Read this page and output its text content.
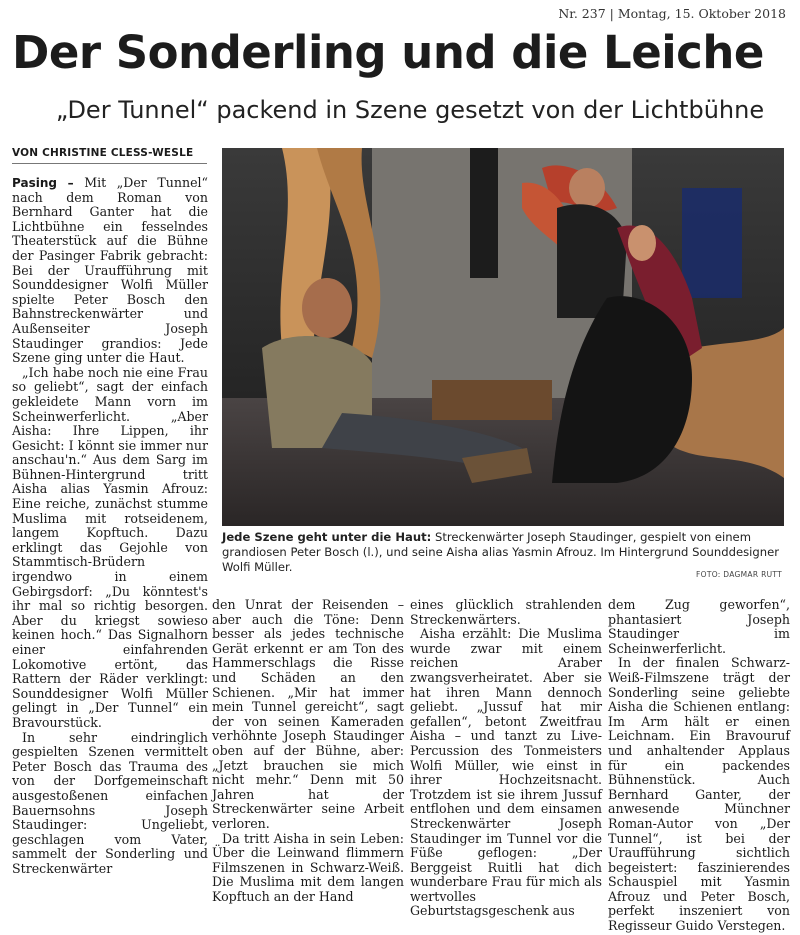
Nr. 237 | Montag, 15. Oktober 2018
Der Sonderling und die Leiche
„Der Tunnel“ packend in Szene gesetzt von der Lichtbühne
VON CHRISTINE CLESS-WESLE

Pasing – Mit „Der Tunnel“ nach dem Roman von Bernhard Ganter hat die Lichtbühne ein fesselndes Theaterstück auf die Bühne der Pasinger Fabrik gebracht: Bei der Uraufführung mit Sounddesigner Wolfi Müller spielte Peter Bosch den Bahnstreckenwärter und Außenseiter Joseph Staudinger grandios: Jede Szene ging unter die Haut.

„Ich habe noch nie eine Frau so geliebt“, sagt der einfach gekleidete Mann vorn im Scheinwerferlicht. „Aber Aisha: Ihre Lippen, ihr Gesicht: I könnt sie immer nur anschau'n.“ Aus dem Sarg im Bühnen-Hintergrund tritt Aisha alias Yasmin Afrouz: Eine reiche, zunächst stumme Muslima mit rotseidenem, langem Kopftuch. Dazu erklingt das Gejohle von Stammtisch-Brüdern irgendwo in einem Gebirgsdorf: „Du könntest's ihr mal so richtig besorgen. Aber du kriegst sowieso keinen hoch.“ Das Signalhorn einer einfahrenden Lokomotive ertönt, das Rattern der Räder verklingt: Sounddesigner Wolfi Müller gelingt in „Der Tunnel“ ein Bravourstück.

In sehr eindringlich gespielten Szenen vermittelt Peter Bosch das Trauma des von der Dorfgemeinschaft ausgestoßenen einfachen Bauernsohns Joseph Staudinger: Ungeliebt, geschlagen vom Vater, sammelt der Sonderling und Streckenwärter

Jede Szene geht unter die Haut: Streckenwärter Joseph Staudinger, gespielt von einem grandiosen Peter Bosch (l.), und seine Aisha alias Yasmin Afrouz. Im Hintergrund Sounddesigner Wolfi Müller.
FOTO: DAGMAR RUTT

den Unrat der Reisenden – aber auch die Töne: Denn besser als jedes technische Gerät erkennt er am Ton des Hammerschlags die Risse und Schäden an den Schienen. „Mir hat immer mein Tunnel gereicht“, sagt der von seinen Kameraden verhöhnte Joseph Staudinger oben auf der Bühne, aber: „Jetzt brauchen sie mich nicht mehr.“ Denn mit 50 Jahren hat der Streckenwärter seine Arbeit verloren.

Da tritt Aisha in sein Leben: Über die Leinwand flimmern Filmszenen in Schwarz-Weiß. Die Muslima mit dem langen Kopftuch an der Hand

eines glücklich strahlenden Streckenwärters.

Aisha erzählt: Die Muslima wurde zwar mit einem reichen Araber zwangsverheiratet. Aber sie hat ihren Mann dennoch geliebt. „Jussuf hat mir gefallen“, betont Zweitfrau Aisha – und tanzt zu Live-Percussion des Tonmeisters Wolfi Müller, wie einst in ihrer Hochzeitsnacht. Trotzdem ist sie ihrem Jussuf entflohen und dem einsamen Streckenwärter Joseph Staudinger im Tunnel vor die Füße geflogen: „Der Berggeist Ruitli hat dich wunderbare Frau für mich als wertvolles Geburtstagsgeschenk aus

dem Zug geworfen“, phantasiert Joseph Staudinger im Scheinwerferlicht.

In der finalen Schwarz-Weiß-Filmszene trägt der Sonderling seine geliebte Aisha die Schienen entlang: Im Arm hält er einen Leichnam. Ein Bravouruf und anhaltender Applaus für ein packendes Bühnenstück. Auch Bernhard Ganter, der anwesende Münchner Roman-Autor von „Der Tunnel“, ist bei der Uraufführung sichtlich begeistert: faszinierendes Schauspiel mit Yasmin Afrouz und Peter Bosch, perfekt inszeniert von Regisseur Guido Verstegen.
